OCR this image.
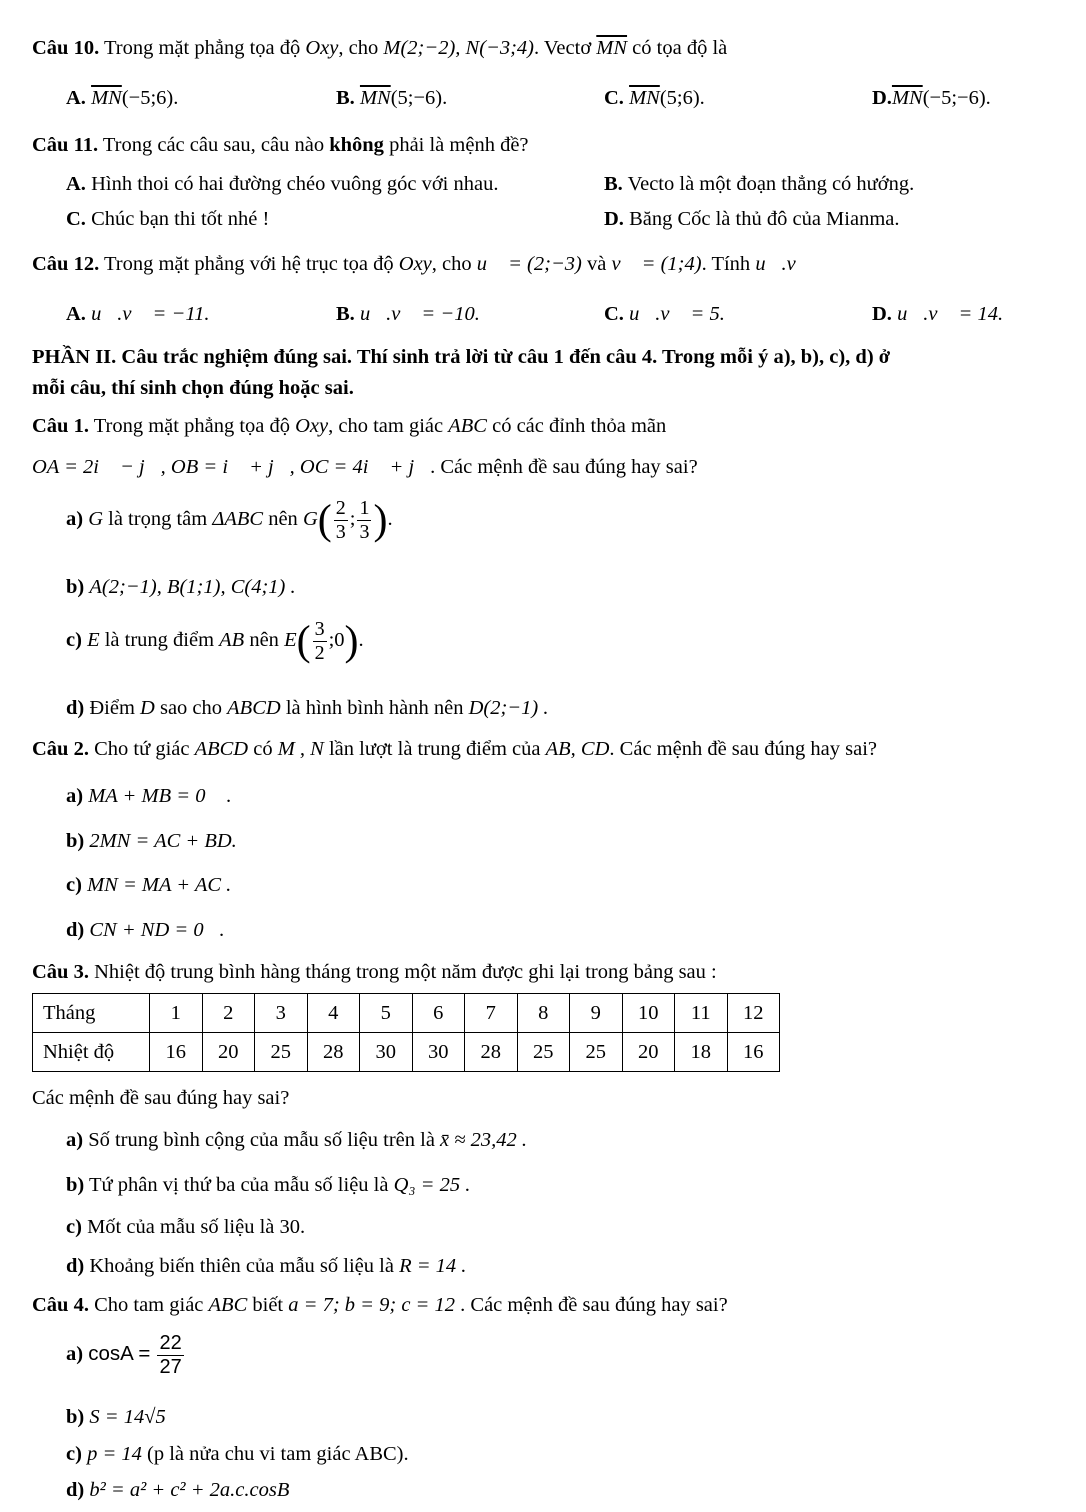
Câu 10. Trong mặt phẳng tọa độ Oxy, cho M(2;−2), N(−3;4). Vectơ $\overline{MN}$ có tọa độ là
A. $\overline{MN}(-5;6)$.	B. $\overline{MN}(5;-6)$.	C. $\overline{MN}(5;6)$.	$D.\overline{MN}(-5;-6)$.
Câu 11. Trong các câu sau, câu nào không phải là mệnh đề?
A. Hình thoi có hai đường chéo vuông góc với nhau.	B. Vecto là một đoạn thẳng có hướng.
C. Chúc bạn thi tốt nhé !	D. Băng Cốc là thủ đô của Mianma.
Câu 12. Trong mặt phẳng với hệ trục tọa độ Oxy, cho u⃗ = (2;−3) và v⃗ = (1;4). Tính u⃗.v⃗
A. u⃗.v⃗ = −11.	B. u⃗.v⃗ = −10.	C. u⃗.v⃗ = 5.	D. u⃗.v⃗ = 14.
PHẦN II. Câu trắc nghiệm đúng sai. Thí sinh trả lời từ câu 1 đến câu 4. Trong mỗi ý a), b), c), d) ở
mỗi câu, thí sinh chọn đúng hoặc sai.
Câu 1. Trong mặt phẳng tọa độ Oxy, cho tam giác ABC có các đỉnh thỏa mãn
OA = 2i⃗ − j⃗, OB = i⃗ + j⃗, OC = 4i⃗ + j⃗. Các mệnh đề sau đúng hay sai?
a) G là trọng tâm ΔABC nên $G( \frac{2}{3}$ ; $\frac{1}{3}$ ).
b) A(2;−1), B(1;1), C(4;1) .
c) E là trung điểm AB nên $E( \frac{3}{2}$ ;0).
d) Điểm D sao cho ABCD là hình bình hành nên D(2;−1) .
Câu 2. Cho tứ giác ABCD có M , N lần lượt là trung điểm của AB, CD. Các mệnh đề sau đúng hay sai?
a) MA + MB = 0⃗ .
b) 2MN = AC + BD.
c) MN = MA + AC .
d) CN + ND = 0⃗.
Câu 3. Nhiệt độ trung bình hàng tháng trong một năm được ghi lại trong bảng sau :
Tháng	1	2	3	4	5	6	7	8	9	10	11	12
Nhiệt độ	16	20	25	28	30	30	28	25	25	20	18	16
Các mệnh đề sau đúng hay sai?
a) Số trung bình cộng của mẫu số liệu trên là x̄ ≈ 23,42 .
b) Tứ phân vị thứ ba của mẫu số liệu là Q₃ = 25 .
c) Mốt của mẫu số liệu là 30.
d) Khoảng biến thiên của mẫu số liệu là R = 14 .
Câu 4. Cho tam giác ABC biết a = 7; b = 9; c = 12 . Các mệnh đề sau đúng hay sai?
a) $\cos A = \frac{22}{27}$
b) S = 14√5
c) p = 14 (p là nửa chu vi tam giác ABC).
d) b² = a² + c² + 2a.c.cosB
